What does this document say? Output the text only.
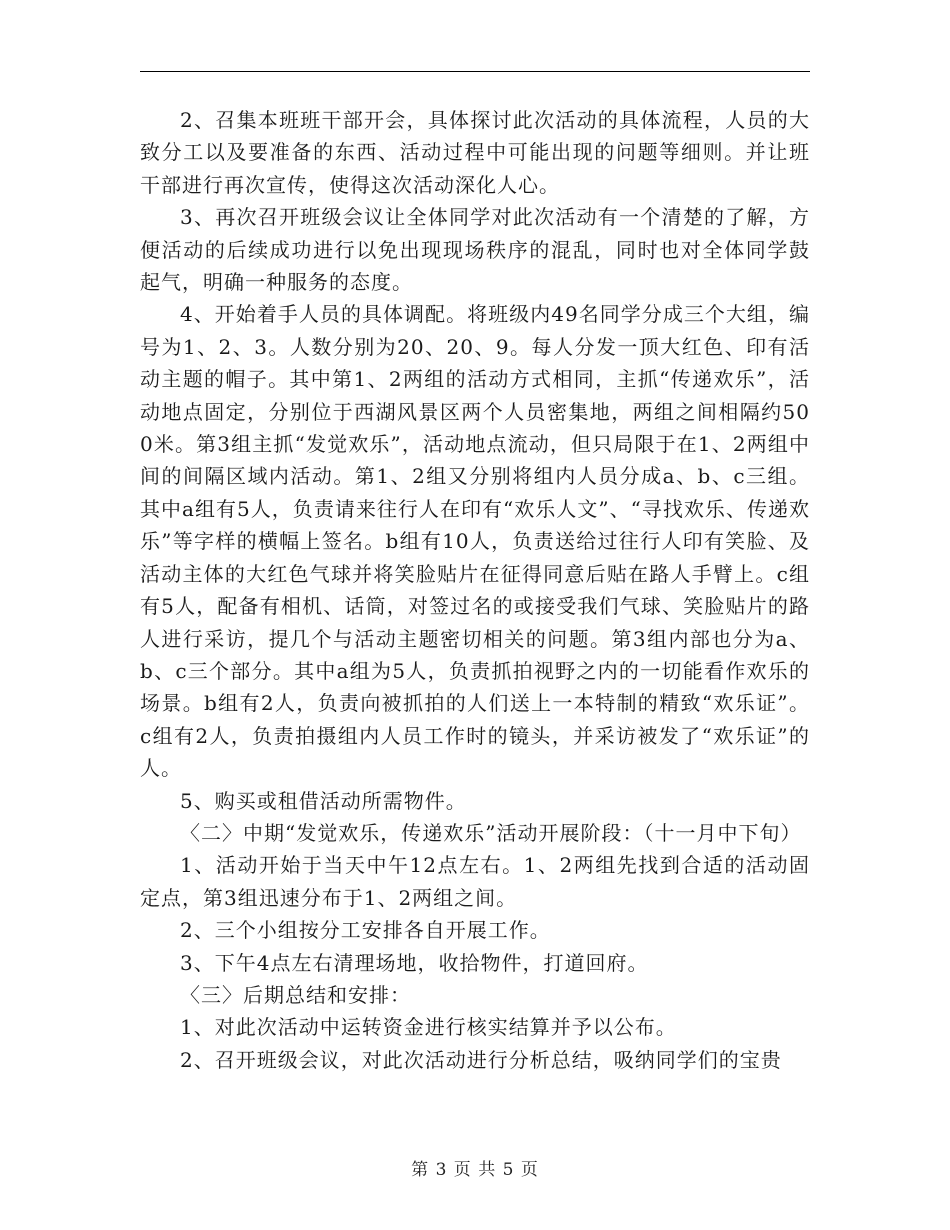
2、召集本班班干部开会，具体探讨此次活动的具体流程，人员的大致分工以及要准备的东西、活动过程中可能出现的问题等细则。并让班干部进行再次宣传，使得这次活动深化人心。

3、再次召开班级会议让全体同学对此次活动有一个清楚的了解，方便活动的后续成功进行以免出现现场秩序的混乱，同时也对全体同学鼓起气，明确一种服务的态度。

4、开始着手人员的具体调配。将班级内49名同学分成三个大组，编号为1、2、3。人数分别为20、20、9。每人分发一顶大红色、印有活动主题的帽子。其中第1、2两组的活动方式相同，主抓“传递欢乐”，活动地点固定，分别位于西湖风景区两个人员密集地，两组之间相隔约500米。第3组主抓“发觉欢乐”，活动地点流动，但只局限于在1、2两组中间的间隔区域内活动。第1、2组又分别将组内人员分成a、b、c三组。其中a组有5人，负责请来往行人在印有“欢乐人文”、“寻找欢乐、传递欢乐”等字样的横幅上签名。b组有10人，负责送给过往行人印有笑脸、及活动主体的大红色气球并将笑脸贴片在征得同意后贴在路人手臂上。c组有5人，配备有相机、话筒，对签过名的或接受我们气球、笑脸贴片的路人进行采访，提几个与活动主题密切相关的问题。第3组内部也分为a、b、c三个部分。其中a组为5人，负责抓拍视野之内的一切能看作欢乐的场景。b组有2人，负责向被抓拍的人们送上一本特制的精致“欢乐证”。c组有2人，负责拍摄组内人员工作时的镜头，并采访被发了“欢乐证”的人。

5、购买或租借活动所需物件。

〈二〉中期“发觉欢乐，传递欢乐”活动开展阶段：（十一月中下旬）

1、活动开始于当天中午12点左右。1、2两组先找到合适的活动固定点，第3组迅速分布于1、2两组之间。

2、三个小组按分工安排各自开展工作。

3、下午4点左右清理场地，收拾物件，打道回府。

〈三〉后期总结和安排：

1、对此次活动中运转资金进行核实结算并予以公布。

2、召开班级会议，对此次活动进行分析总结，吸纳同学们的宝贵

第 3 页 共 5 页
